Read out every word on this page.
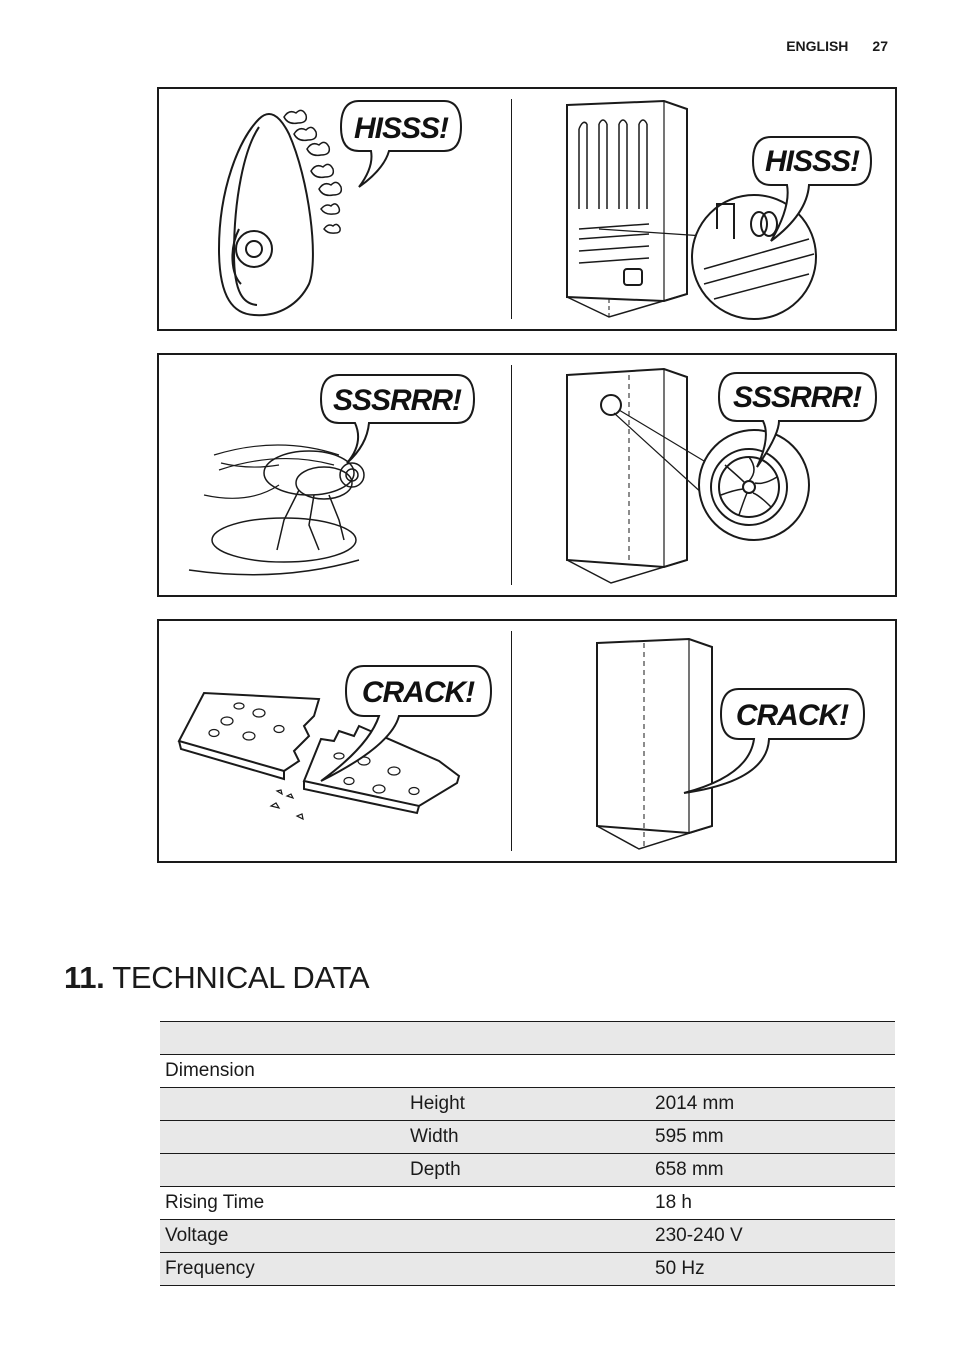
ENGLISH 27
HISSS!
HISSS!
SSSRRR!	SSSRRR!
CRACK!
CRACK!
11. TECHNICAL DATA

Dimension		
	Height	2014 mm
	Width	595 mm
	Depth	658 mm
Rising Time		18 h
Voltage		230-240 V
Frequency		50 Hz
